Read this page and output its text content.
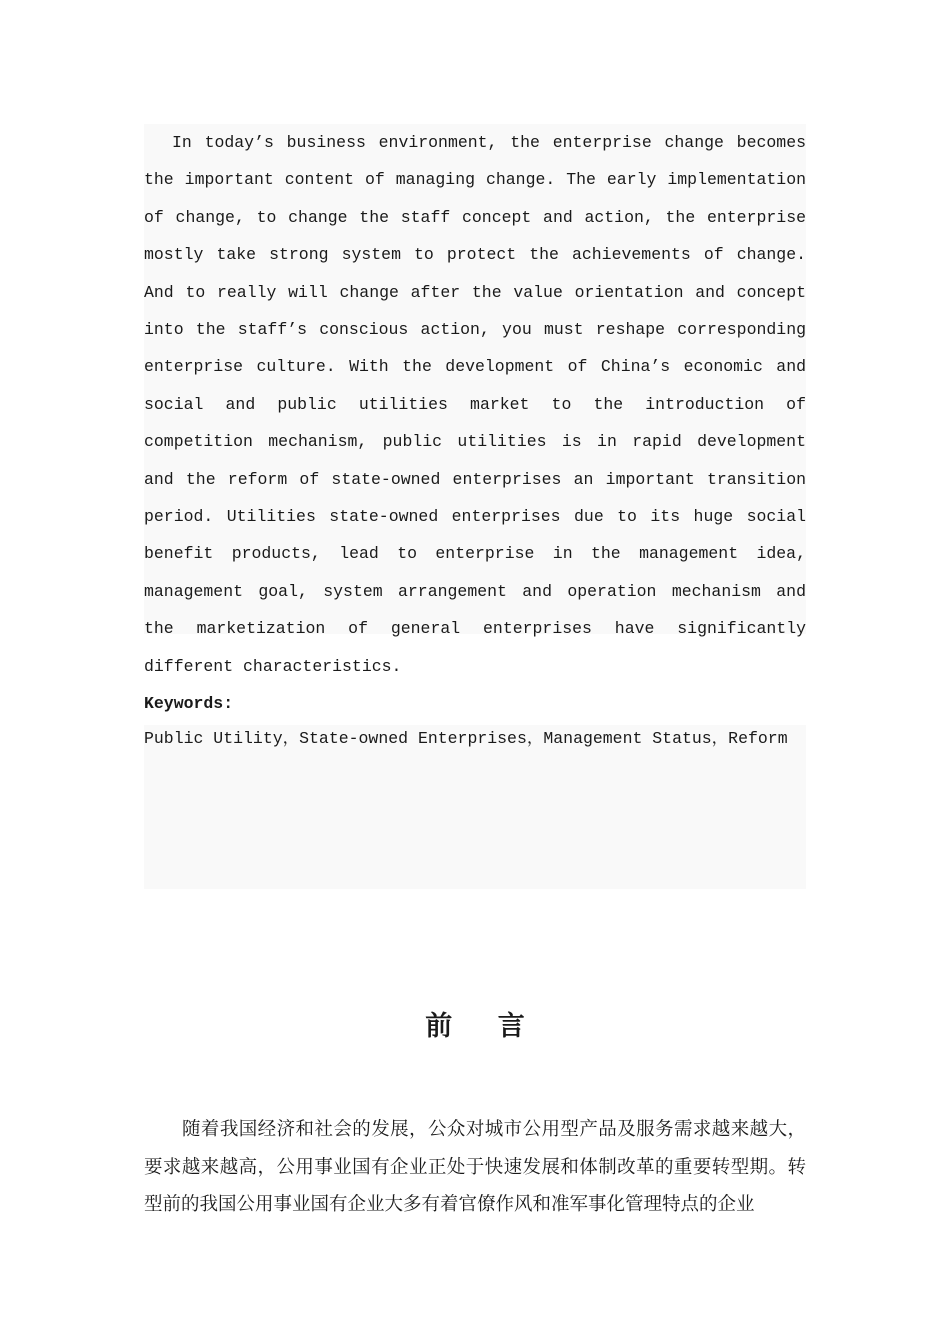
In today’s business environment, the enterprise change becomes the important content of managing change. The early implementation of change, to change the staff concept and action, the enterprise mostly take strong system to protect the achievements of change. And to really will change after the value orientation and concept into the staff’s conscious action, you must reshape corresponding enterprise culture. With the development of China’s economic and social and public utilities market to the introduction of competition mechanism, public utilities is in rapid development and the reform of state-owned enterprises an important transition period. Utilities state-owned enterprises due to its huge social benefit products, lead to enterprise in the management idea, management goal, system arrangement and operation mechanism and the marketization of general enterprises have significantly different characteristics.
Keywords:
Public Utility，State-owned Enterprises，Management Status，Reform
前 言
随着我国经济和社会的发展，公众对城市公用型产品及服务需求越来越大，要求越来越高，公用事业国有企业正处于快速发展和体制改革的重要转型期。转型前的我国公用事业国有企业大多有着官僚作风和准军事化管理特点的企业
